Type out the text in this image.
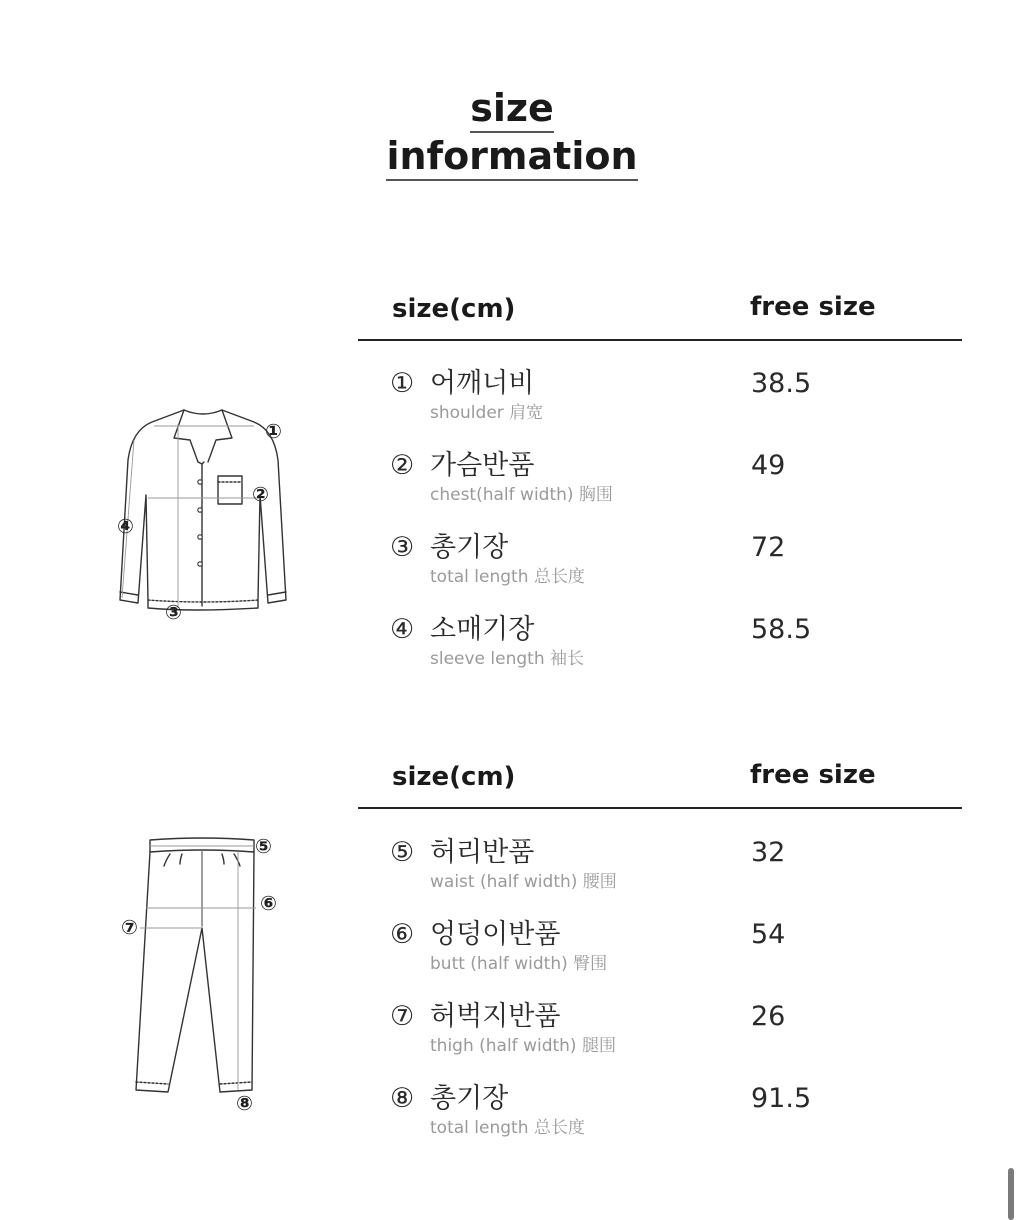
size
information
①
②
③
④
size(cm)	free size
① 어깨너비
shoulder 肩宽
38.5
② 가슴반품
chest(half width) 胸围
49
③ 총기장
total length 总长度
72
④ 소매기장
sleeve length 袖长
58.5
⑤
⑥
⑦
⑧
size(cm)	free size
⑤ 허리반품
waist (half width) 腰围
32
⑥ 엉덩이반품
butt (half width) 臀围
54
⑦ 허벅지반품
thigh (half width) 腿围
26
⑧ 총기장
total length 总长度
91.5
